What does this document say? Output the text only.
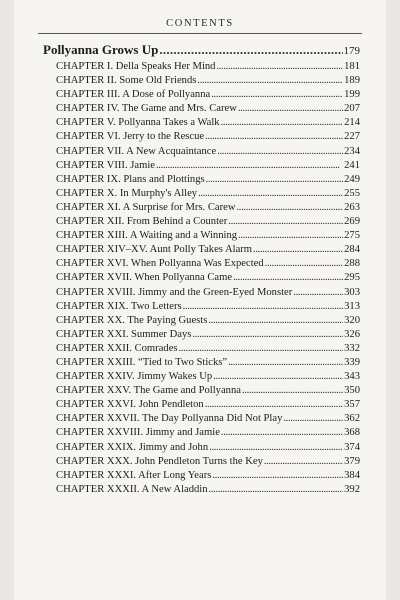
CONTENTS
Pollyanna Grows Up . . .	179
CHAPTER I. Della Speaks Her Mind . . .	181
CHAPTER II. Some Old Friends . . .	189
CHAPTER III. A Dose of Pollyanna . . .	199
CHAPTER IV. The Game and Mrs. Carew . . .	207
CHAPTER V. Pollyanna Takes a Walk . . .	214
CHAPTER VI. Jerry to the Rescue . . .	227
CHAPTER VII. A New Acquaintance . . .	234
CHAPTER VIII. Jamie . . .	241
CHAPTER IX. Plans and Plottings . . .	249
CHAPTER X. In Murphy's Alley . . .	255
CHAPTER XI. A Surprise for Mrs. Carew . . .	263
CHAPTER XII. From Behind a Counter . . .	269
CHAPTER XIII. A Waiting and a Winning . . .	275
CHAPTER XIV–XV. Aunt Polly Takes Alarm . . .	284
CHAPTER XVI. When Pollyanna Was Expected . . .	288
CHAPTER XVII. When Pollyanna Came . . .	295
CHAPTER XVIII. Jimmy and the Green-Eyed Monster . . .	303
CHAPTER XIX. Two Letters . . .	313
CHAPTER XX. The Paying Guests . . .	320
CHAPTER XXI. Summer Days . . .	326
CHAPTER XXII. Comrades . . .	332
CHAPTER XXIII. “Tied to Two Sticks” . . .	339
CHAPTER XXIV. Jimmy Wakes Up . . .	343
CHAPTER XXV. The Game and Pollyanna . . .	350
CHAPTER XXVI. John Pendleton . . .	357
CHAPTER XXVII. The Day Pollyanna Did Not Play . . .	362
CHAPTER XXVIII. Jimmy and Jamie . . .	368
CHAPTER XXIX. Jimmy and John . . .	374
CHAPTER XXX. John Pendleton Turns the Key . . .	379
CHAPTER XXXI. After Long Years . . .	384
CHAPTER XXXII. A New Aladdin . . .	392
